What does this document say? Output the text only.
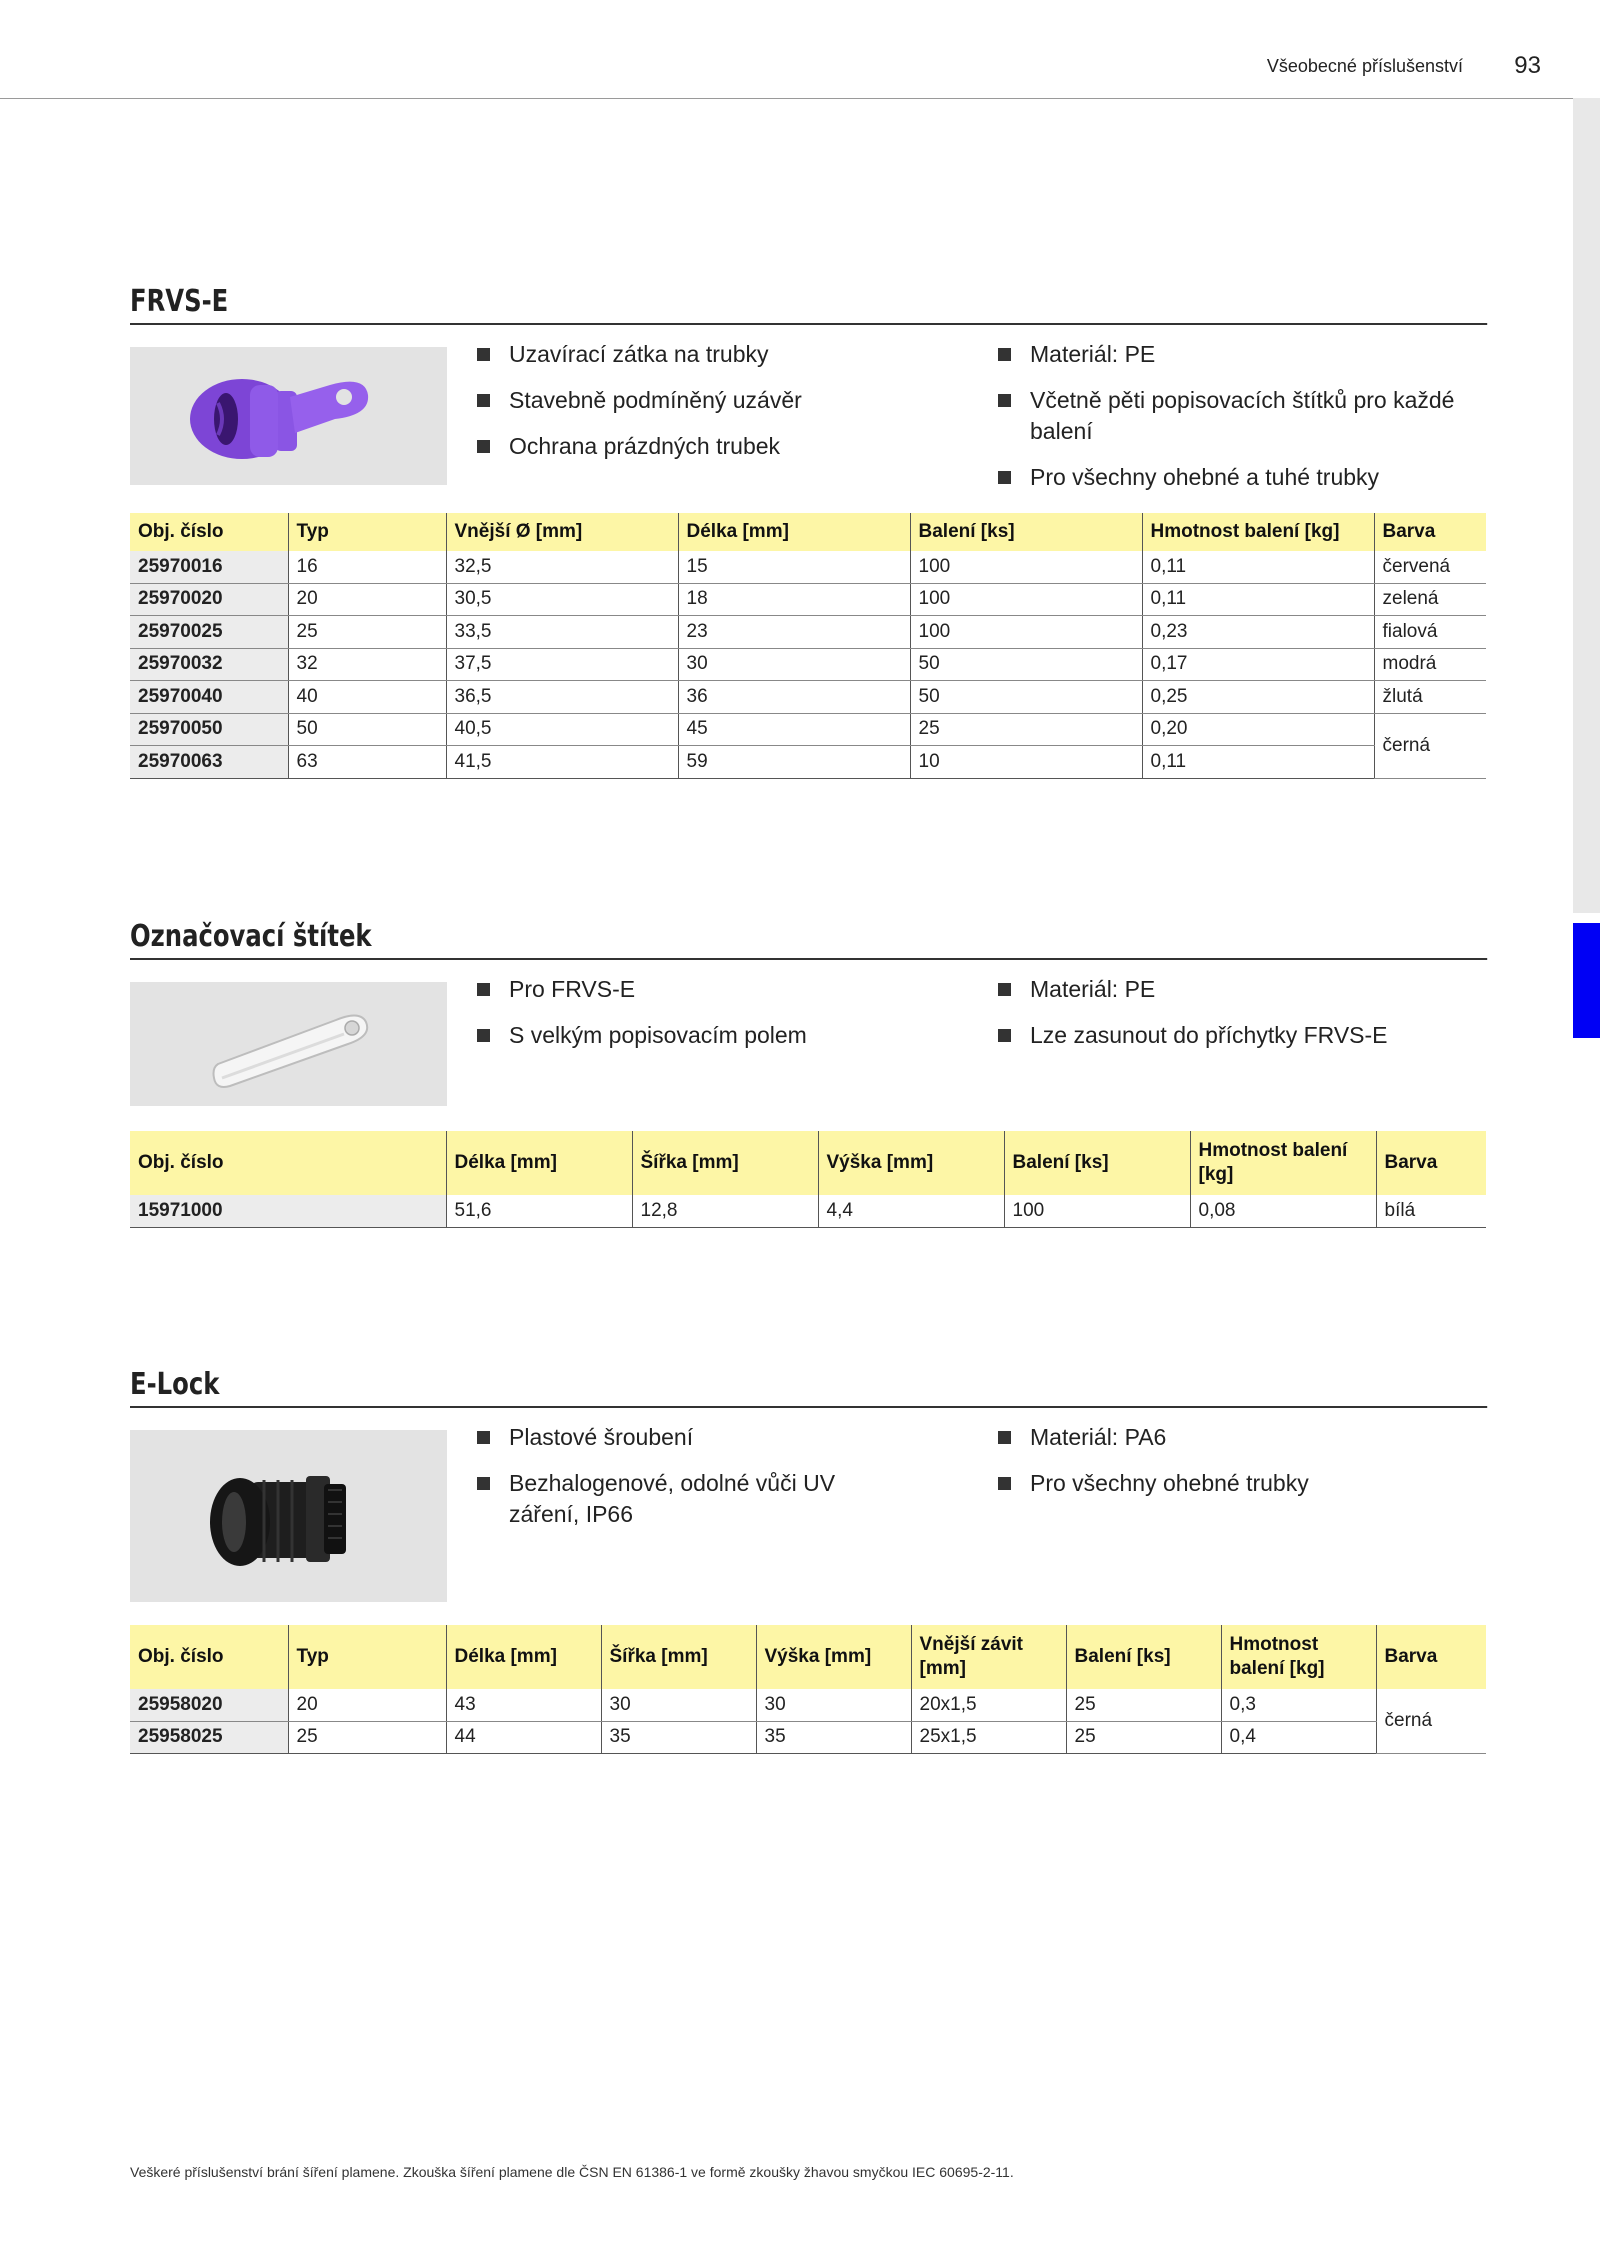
Všeobecné příslušenství 93
FRVS-E
Uzavírací zátka na trubky
Stavebně podmíněný uzávěr
Ochrana prázdných trubek
Materiál: PE
Včetně pěti popisovacích štítků pro každé balení
Pro všechny ohebné a tuhé trubky
Obj. číslo	Typ	Vnější Ø [mm]	Délka [mm]	Balení [ks]	Hmotnost balení [kg]	Barva
25970016	16	32,5	15	100	0,11	červená
25970020	20	30,5	18	100	0,11	zelená
25970025	25	33,5	23	100	0,23	fialová
25970032	32	37,5	30	50	0,17	modrá
25970040	40	36,5	36	50	0,25	žlutá
25970050	50	40,5	45	25	0,20	černá
25970063	63	41,5	59	10	0,11	
Označovací štítek
Pro FRVS-E
S velkým popisovacím polem
Materiál: PE
Lze zasunout do příchytky FRVS-E
Obj. číslo	Délka [mm]	Šířka [mm]	Výška [mm]	Balení [ks]	Hmotnost balení [kg]	Barva
15971000	51,6	12,8	4,4	100	0,08	bílá
E-Lock
Plastové šroubení
Bezhalogenové, odolné vůči UV záření, IP66
Materiál: PA6
Pro všechny ohebné trubky
Obj. číslo	Typ	Délka [mm]	Šířka [mm]	Výška [mm]	Vnější závit [mm]	Balení [ks]	Hmotnost balení [kg]	Barva
25958020	20	43	30	30	20x1,5	25	0,3	černá
25958025	25	44	35	35	25x1,5	25	0,4	
Veškeré příslušenství brání šíření plamene. Zkouška šíření plamene dle ČSN EN 61386-1 ve formě zkoušky žhavou smyčkou IEC 60695-2-11.
